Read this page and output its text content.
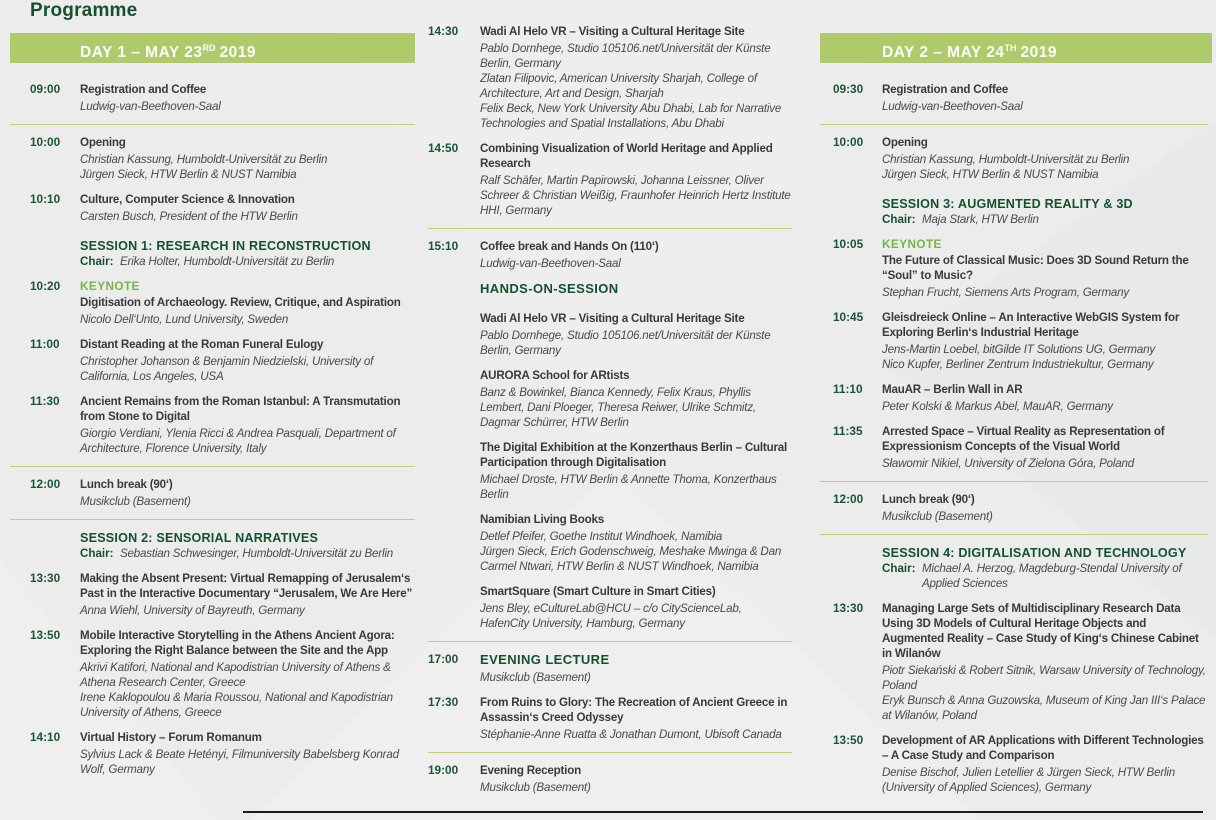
Programme
DAY 1 – MAY 23RD 2019	DAY 2 – MAY 24TH 2019
09:00	Registration and Coffee
Ludwig-van-Beethoven-Saal
10:00	Opening
Christian Kassung, Humboldt-Universität zu Berlin
Jürgen Sieck, HTW Berlin & NUST Namibia
10:10	Culture, Computer Science & Innovation
Carsten Busch, President of the HTW Berlin
SESSION 1: RESEARCH IN RECONSTRUCTION
Chair: Erika Holter, Humboldt-Universität zu Berlin
10:20	KEYNOTE
Digitisation of Archaeology. Review, Critique, and Aspiration
Nicolo Dell‘Unto, Lund University, Sweden
11:00	Distant Reading at the Roman Funeral Eulogy
Christopher Johanson & Benjamin Niedzielski, University of California, Los Angeles, USA
11:30	Ancient Remains from the Roman Istanbul: A Transmutation from Stone to Digital
Giorgio Verdiani, Ylenia Ricci & Andrea Pasquali, Department of Architecture, Florence University, Italy
12:00	Lunch break (90‘)
Musikclub (Basement)
SESSION 2: SENSORIAL NARRATIVES
Chair: Sebastian Schwesinger, Humboldt-Universität zu Berlin
13:30	Making the Absent Present: Virtual Remapping of Jerusalem‘s Past in the Interactive Documentary “Jerusalem, We Are Here”
Anna Wiehl, University of Bayreuth, Germany
13:50	Mobile Interactive Storytelling in the Athens Ancient Agora: Exploring the Right Balance between the Site and the App
Akrivi Katifori, National and Kapodistrian University of Athens & Athena Research Center, Greece
Irene Kaklopoulou & Maria Roussou, National and Kapodistrian University of Athens, Greece
14:10	Virtual History – Forum Romanum
Sylvius Lack & Beate Hetényi, Filmuniversity Babelsberg Konrad Wolf, Germany
14:30	Wadi Al Helo VR – Visiting a Cultural Heritage Site
Pablo Dornhege, Studio 105106.net/Universität der Künste Berlin, Germany
Zlatan Filipovic, American University Sharjah, College of Architecture, Art and Design, Sharjah
Felix Beck, New York University Abu Dhabi, Lab for Narrative Technologies and Spatial Installations, Abu Dhabi
14:50	Combining Visualization of World Heritage and Applied Research
Ralf Schäfer, Martin Papirowski, Johanna Leissner, Oliver Schreer & Christian Weißig, Fraunhofer Heinrich Hertz Institute HHI, Germany
15:10	Coffee break and Hands On (110‘)
Ludwig-van-Beethoven-Saal
HANDS-ON-SESSION
Wadi Al Helo VR – Visiting a Cultural Heritage Site
Pablo Dornhege, Studio 105106.net/Universität der Künste Berlin, Germany
AURORA School for ARtists
Banz & Bowinkel, Bianca Kennedy, Felix Kraus, Phyllis Lembert, Dani Ploeger, Theresa Reiwer, Ulrike Schmitz, Dagmar Schürrer, HTW Berlin
The Digital Exhibition at the Konzerthaus Berlin – Cultural Participation through Digitalisation
Michael Droste, HTW Berlin & Annette Thoma, Konzerthaus Berlin
Namibian Living Books
Detlef Pfeifer, Goethe Institut Windhoek, Namibia
Jürgen Sieck, Erich Godenschweig, Meshake Mwinga & Dan Carmel Ntwari, HTW Berlin & NUST Windhoek, Namibia
SmartSquare (Smart Culture in Smart Cities)
Jens Bley, eCultureLab@HCU – c/o CityScienceLab, HafenCity University, Hamburg, Germany
17:00	EVENING LECTURE
Musikclub (Basement)
17:30	From Ruins to Glory: The Recreation of Ancient Greece in Assassin‘s Creed Odyssey
Stéphanie-Anne Ruatta & Jonathan Dumont, Ubisoft Canada
19:00	Evening Reception
Musikclub (Basement)
09:30	Registration and Coffee
Ludwig-van-Beethoven-Saal
10:00	Opening
Christian Kassung, Humboldt-Universität zu Berlin
Jürgen Sieck, HTW Berlin & NUST Namibia
SESSION 3: AUGMENTED REALITY & 3D
Chair: Maja Stark, HTW Berlin
10:05	KEYNOTE
The Future of Classical Music: Does 3D Sound Return the “Soul” to Music?
Stephan Frucht, Siemens Arts Program, Germany
10:45	Gleisdreieck Online – An Interactive WebGIS System for Exploring Berlin‘s Industrial Heritage
Jens-Martin Loebel, bitGilde IT Solutions UG, Germany
Nico Kupfer, Berliner Zentrum Industriekultur, Germany
11:10	MauAR – Berlin Wall in AR
Peter Kolski & Markus Abel, MauAR, Germany
11:35	Arrested Space – Virtual Reality as Representation of Expressionism Concepts of the Visual World
Sławomir Nikiel, University of Zielona Góra, Poland
12:00	Lunch break (90‘)
Musikclub (Basement)
SESSION 4: DIGITALISATION AND TECHNOLOGY
Chair: Michael A. Herzog, Magdeburg-Stendal University of Applied Sciences
13:30	Managing Large Sets of Multidisciplinary Research Data Using 3D Models of Cultural Heritage Objects and Augmented Reality – Case Study of King‘s Chinese Cabinet in Wilanów
Piotr Siekański & Robert Sitnik, Warsaw University of Technology, Poland
Eryk Bunsch & Anna Guzowska, Museum of King Jan III‘s Palace at Wilanów, Poland
13:50	Development of AR Applications with Different Technologies – A Case Study and Comparison
Denise Bischof, Julien Letellier & Jürgen Sieck, HTW Berlin (University of Applied Sciences), Germany
